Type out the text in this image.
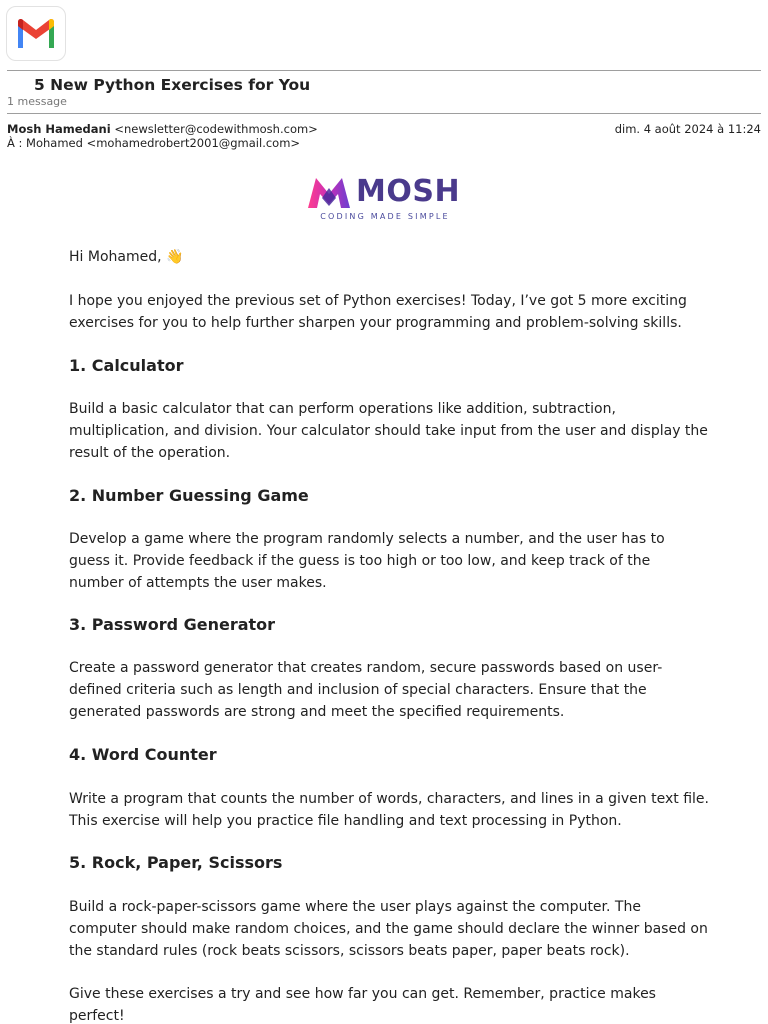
5 New Python Exercises for You
1 message
Mosh Hamedani <newsletter@codewithmosh.com>	dim. 4 août 2024 à 11:24
À : Mohamed <mohamedrobert2001@gmail.com>
MOSH
CODING MADE SIMPLE
Hi Mohamed, 👋
I hope you enjoyed the previous set of Python exercises! Today, I’ve got 5 more exciting exercises for you to help further sharpen your programming and problem-solving skills.
1. Calculator
Build a basic calculator that can perform operations like addition, subtraction, multiplication, and division. Your calculator should take input from the user and display the result of the operation.
2. Number Guessing Game
Develop a game where the program randomly selects a number, and the user has to guess it. Provide feedback if the guess is too high or too low, and keep track of the number of attempts the user makes.
3. Password Generator
Create a password generator that creates random, secure passwords based on user-defined criteria such as length and inclusion of special characters. Ensure that the generated passwords are strong and meet the specified requirements.
4. Word Counter
Write a program that counts the number of words, characters, and lines in a given text file. This exercise will help you practice file handling and text processing in Python.
5. Rock, Paper, Scissors
Build a rock-paper-scissors game where the user plays against the computer. The computer should make random choices, and the game should declare the winner based on the standard rules (rock beats scissors, scissors beats paper, paper beats rock).
Give these exercises a try and see how far you can get. Remember, practice makes perfect!
